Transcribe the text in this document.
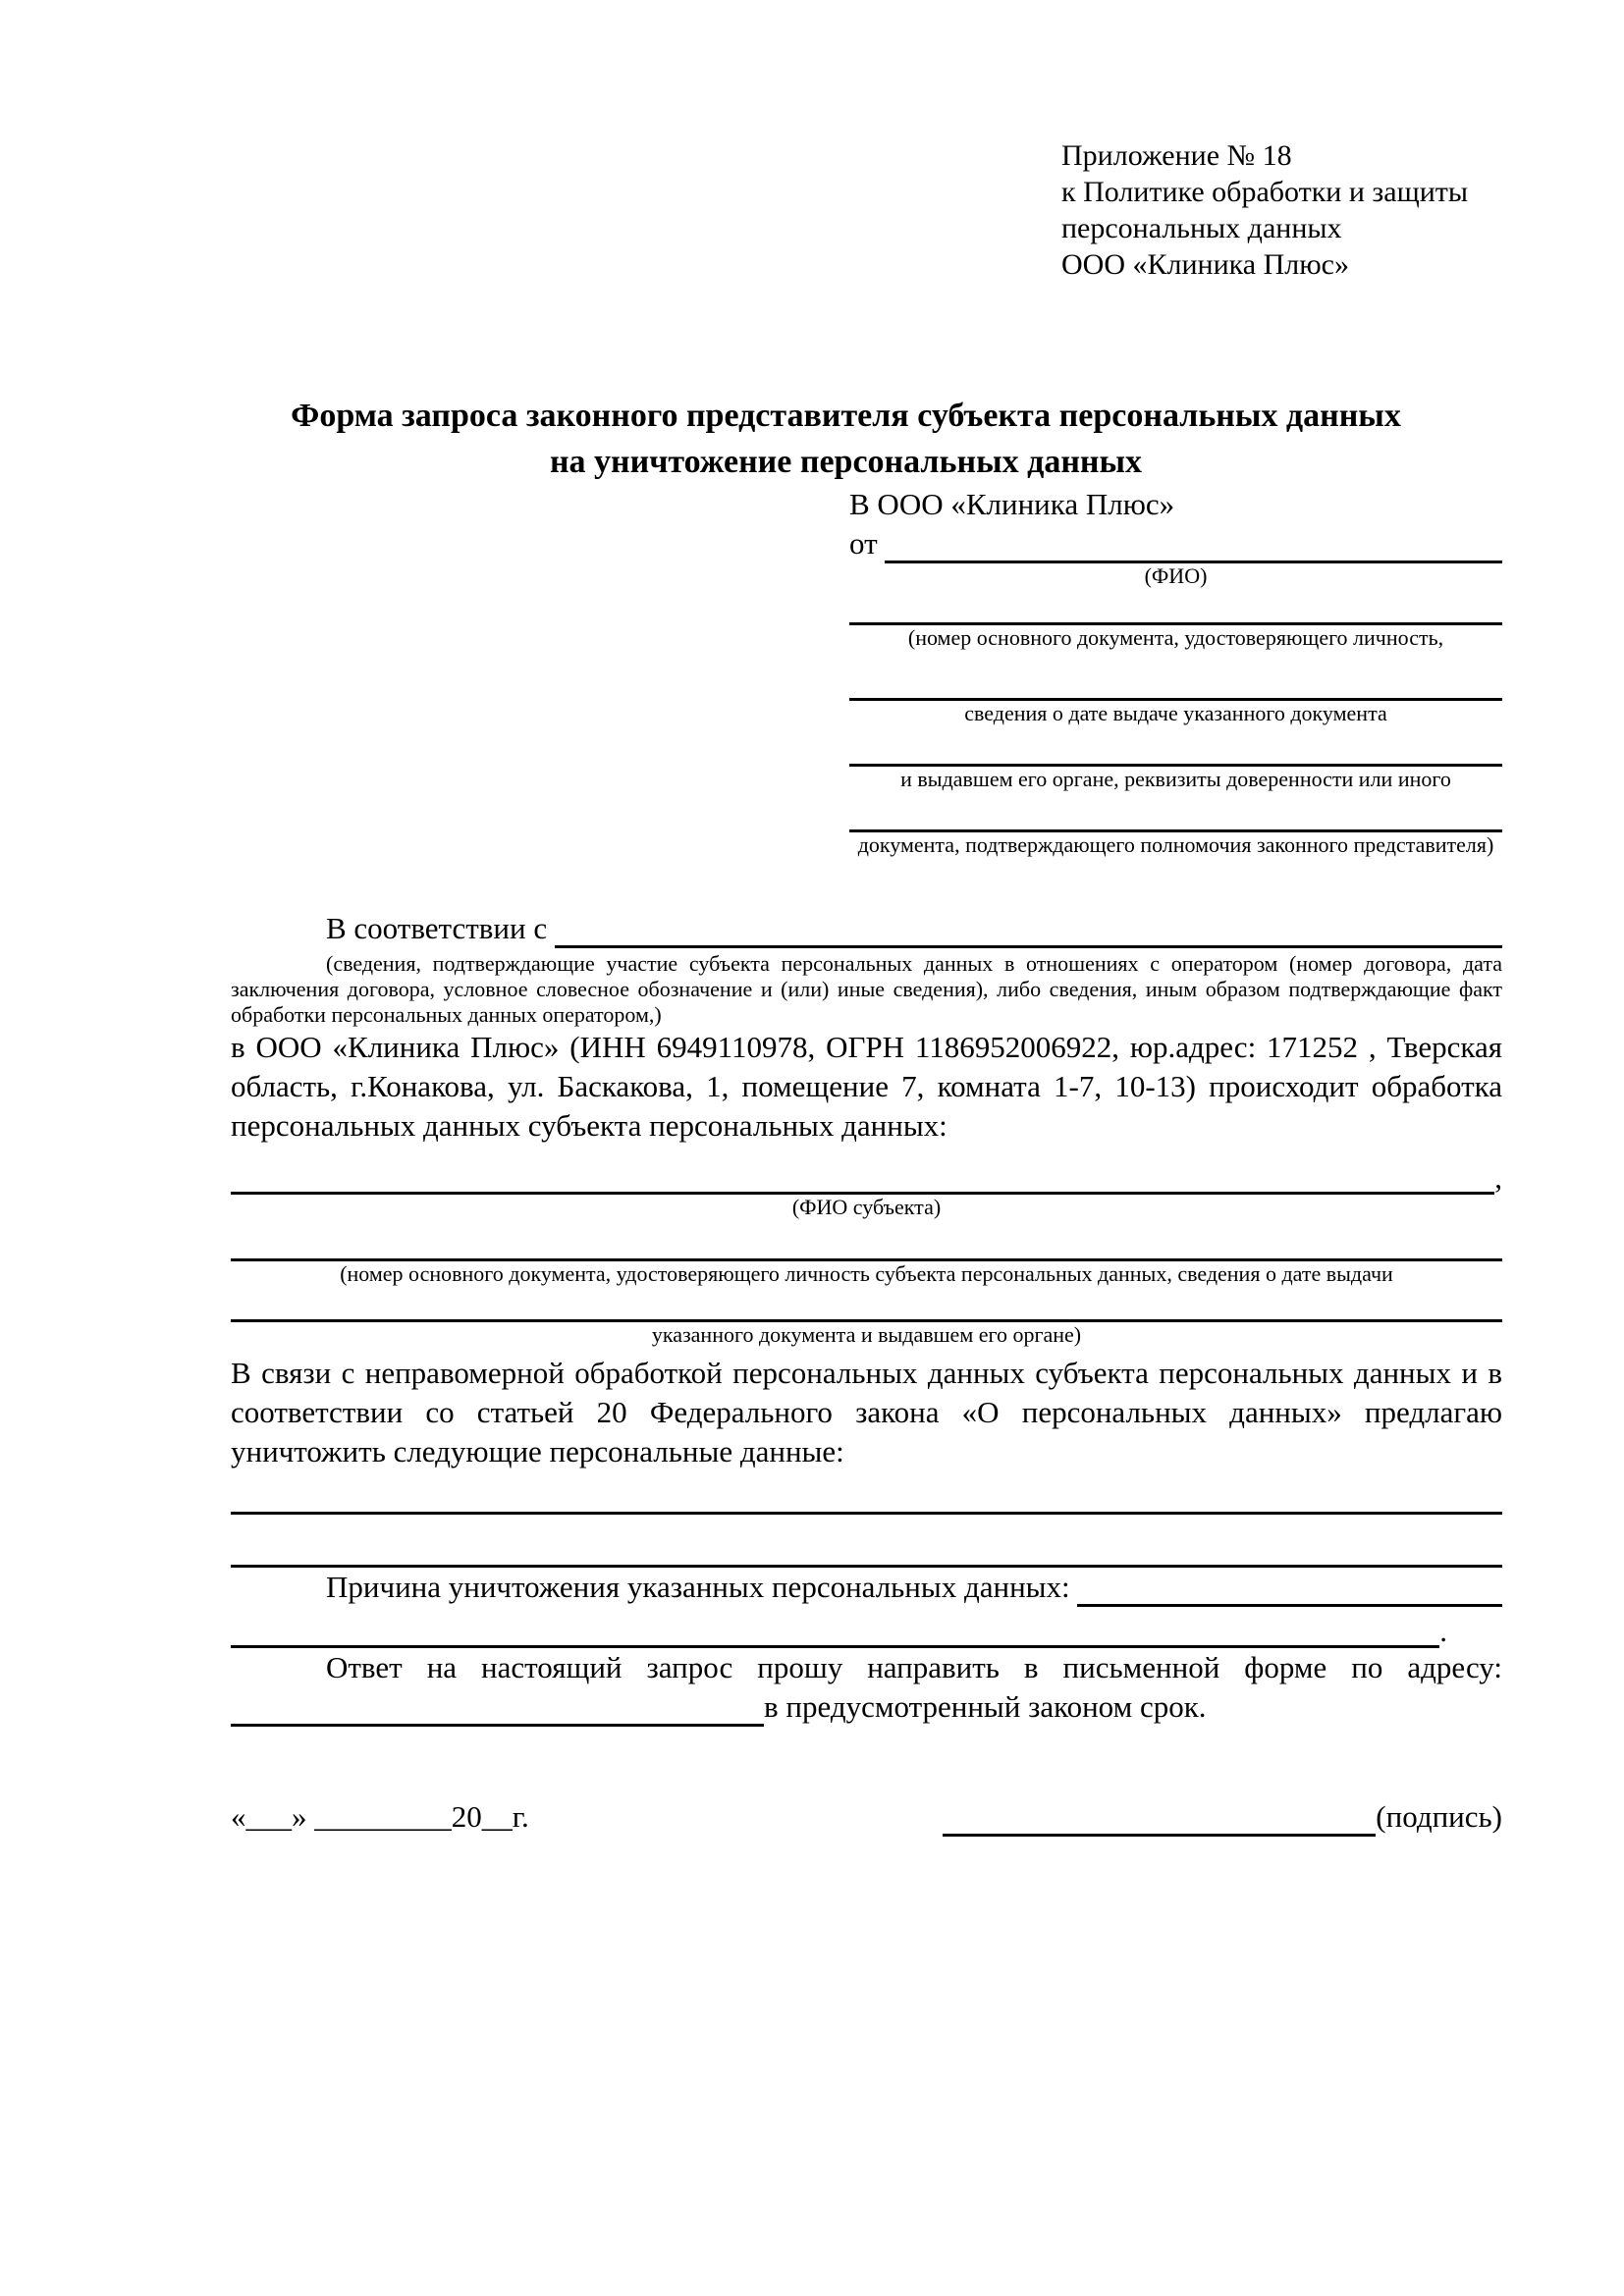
Приложение № 18
к Политике обработки и защиты
персональных данных
ООО «Клиника Плюс»
Форма запроса законного представителя субъекта персональных данных
на уничтожение персональных данных
В ООО «Клиника Плюс»
от
(ФИО)
(номер основного документа, удостоверяющего личность,
сведения о дате выдаче указанного документа
и выдавшем его органе, реквизиты доверенности или иного
документа, подтверждающего полномочия законного представителя)
В соответствии с
(сведения, подтверждающие участие субъекта персональных данных в отношениях с оператором (номер договора, дата заключения договора, условное словесное обозначение и (или) иные сведения), либо сведения, иным образом подтверждающие факт обработки персональных данных оператором,)
в ООО «Клиника Плюс» (ИНН 6949110978, ОГРН 1186952006922, юр.адрес: 171252 , Тверская область, г.Конакова, ул. Баскакова, 1, помещение 7, комната 1-7, 10-13) происходит обработка персональных данных субъекта персональных данных:
,
(ФИО субъекта)
(номер основного документа, удостоверяющего личность субъекта персональных данных, сведения о дате выдачи
указанного документа и выдавшем его органе)
В связи с неправомерной обработкой персональных данных субъекта персональных данных и в соответствии со статьей 20 Федерального закона «О персональных данных» предлагаю уничтожить следующие персональные данные:
Причина уничтожения указанных персональных данных:
.
Ответ на настоящий запрос прошу направить в письменной форме по адресу:
в предусмотренный законом срок.
«___» _________20__г.	(подпись)
